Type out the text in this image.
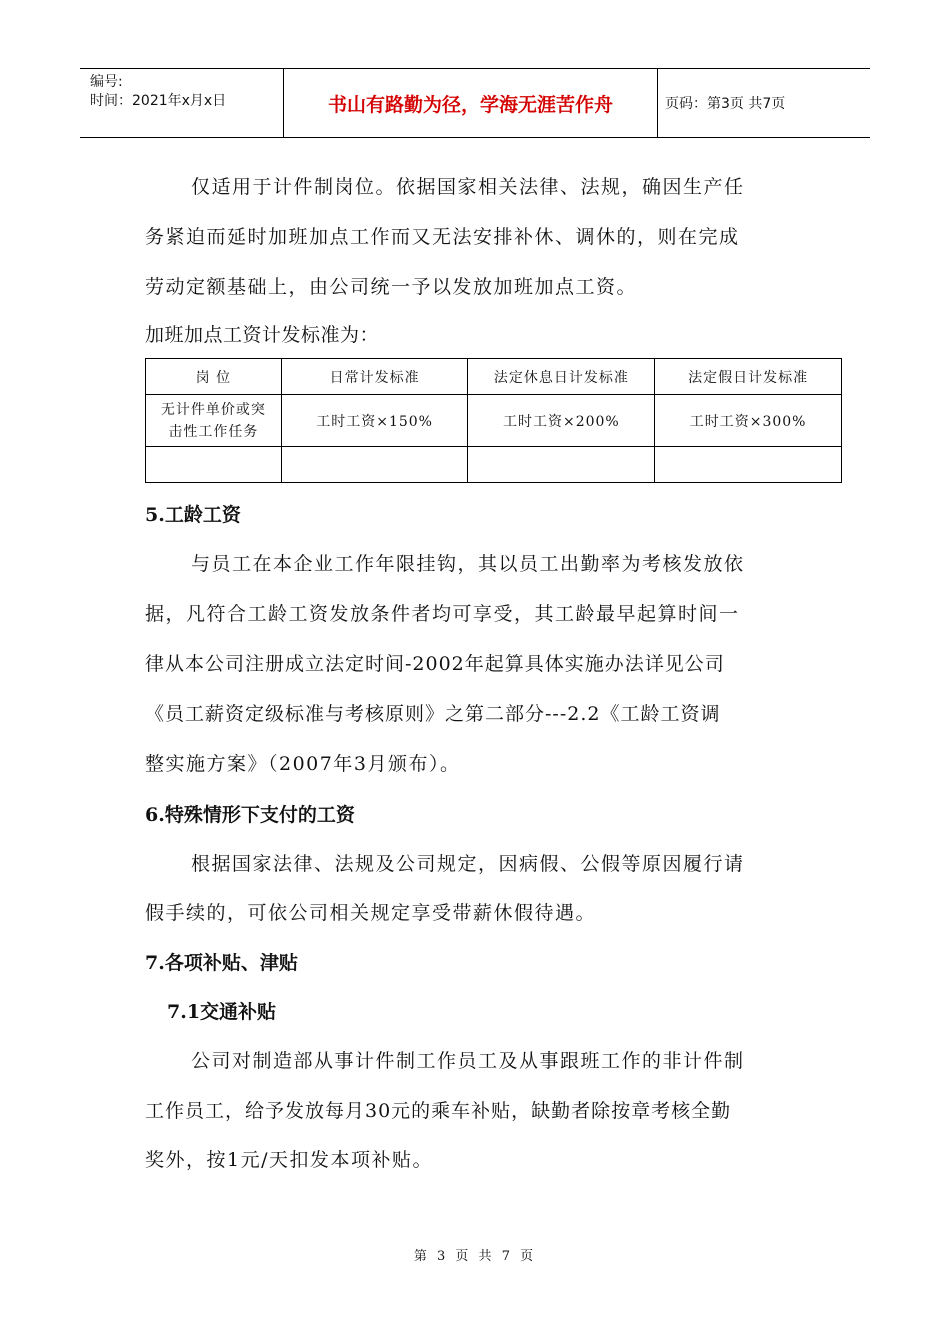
编号:
时间：2021年x月x日	书山有路勤为径，学海无涯苦作舟	页码：第3页 共7页
仅适用于计件制岗位。依据国家相关法律、法规，确因生产任
务紧迫而延时加班加点工作而又无法安排补休、调休的，则在完成
劳动定额基础上，由公司统一予以发放加班加点工资。
加班加点工资计发标准为：
岗 位	日常计发标准	法定休息日计发标准	法定假日计发标准

无计件单价或突
击性工作任务	工时工资×150%	工时工资×200%	工时工资×300%

5.工龄工资
与员工在本企业工作年限挂钩，其以员工出勤率为考核发放依
据，凡符合工龄工资发放条件者均可享受，其工龄最早起算时间一
律从本公司注册成立法定时间-2002年起算具体实施办法详见公司
《员工薪资定级标准与考核原则》之第二部分---2.2《工龄工资调
整实施方案》（2007年3月颁布）。
6.特殊情形下支付的工资
根据国家法律、法规及公司规定，因病假、公假等原因履行请
假手续的，可依公司相关规定享受带薪休假待遇。
7.各项补贴、津贴
7.1交通补贴
公司对制造部从事计件制工作员工及从事跟班工作的非计件制
工作员工，给予发放每月30元的乘车补贴，缺勤者除按章考核全勤
奖外，按1元/天扣发本项补贴。
第 3 页 共 7 页
